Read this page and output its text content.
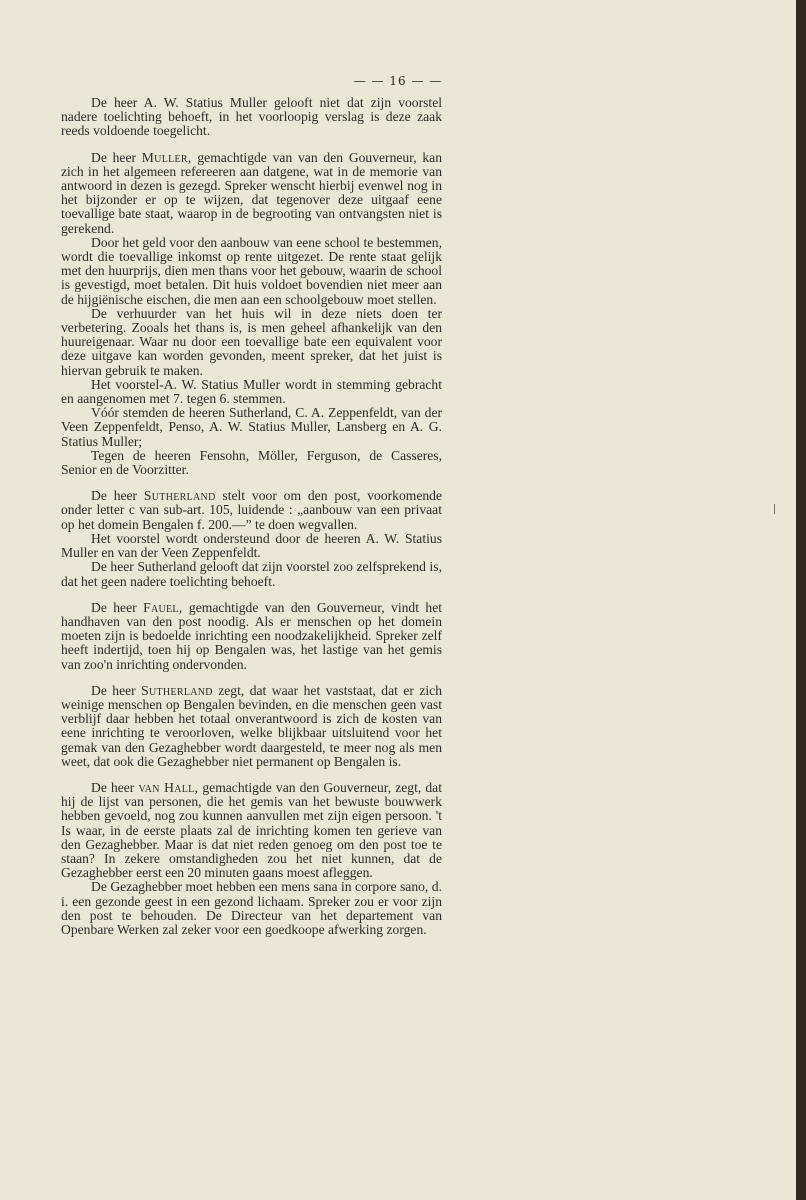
— — 16 — —

De heer A. W. Statius Muller gelooft niet dat zijn voorstel nadere toelichting behoeft, in het voorloopig verslag is deze zaak reeds voldoende toegelicht.

De heer Muller, gemachtigde van van den Gouverneur, kan zich in het algemeen refereeren aan datgene, wat in de memorie van antwoord in dezen is gezegd. Spreker wenscht hierbij evenwel nog in het bijzonder er op te wijzen, dat tegenover deze uitgaaf eene toevallige bate staat, waarop in de begrooting van ontvangsten niet is gerekend.

Door het geld voor den aanbouw van eene school te bestemmen, wordt die toevallige inkomst op rente uitgezet. De rente staat gelijk met den huurprijs, dien men thans voor het gebouw, waarin de school is gevestigd, moet betalen. Dit huis voldoet bovendien niet meer aan de hijgiënische eischen, die men aan een schoolgebouw moet stellen.

De verhuurder van het huis wil in deze niets doen ter verbetering. Zooals het thans is, is men geheel afhankelijk van den huureigenaar. Waar nu door een toevallige bate een equivalent voor deze uitgave kan worden gevonden, meent spreker, dat het juist is hiervan gebruik te maken.

Het voorstel-A. W. Statius Muller wordt in stemming gebracht en aangenomen met 7. tegen 6. stemmen.

Vóór stemden de heeren Sutherland, C. A. Zeppenfeldt, van der Veen Zeppenfeldt, Penso, A. W. Statius Muller, Lansberg en A. G. Statius Muller;

Tegen de heeren Fensohn, Möller, Ferguson, de Casseres, Senior en de Voorzitter.

De heer Sutherland stelt voor om den post, voorkomende onder letter c van sub-art. 105, luidende : „aanbouw van een privaat op het domein Bengalen f. 200.—” te doen wegvallen.

Het voorstel wordt ondersteund door de heeren A. W. Statius Muller en van der Veen Zeppenfeldt.

De heer Sutherland gelooft dat zijn voorstel zoo zelfsprekend is, dat het geen nadere toelichting behoeft.

De heer Fauel, gemachtigde van den Gouverneur, vindt het handhaven van den post noodig. Als er menschen op het domein moeten zijn is bedoelde inrichting een noodzakelijkheid. Spreker zelf heeft indertijd, toen hij op Bengalen was, het lastige van het gemis van zoo'n inrichting ondervonden.

De heer Sutherland zegt, dat waar het vaststaat, dat er zich weinige menschen op Bengalen bevinden, en die menschen geen vast verblijf daar hebben het totaal onverantwoord is zich de kosten van eene inrichting te veroorloven, welke blijkbaar uitsluitend voor het gemak van den Gezaghebber wordt daargesteld, te meer nog als men weet, dat ook die Gezaghebber niet permanent op Bengalen is.

De heer van Hall, gemachtigde van den Gouverneur, zegt, dat hij de lijst van personen, die het gemis van het bewuste bouwwerk hebben gevoeld, nog zou kunnen aanvullen met zijn eigen persoon. 't Is waar, in de eerste plaats zal de inrichting komen ten gerieve van den Gezaghebber. Maar is dat niet reden genoeg om den post toe te staan? In zekere omstandigheden zou het niet kunnen, dat de Gezaghebber eerst een 20 minuten gaans moest afleggen.

De Gezaghebber moet hebben een mens sana in corpore sano, d. i. een gezonde geest in een gezond lichaam. Spreker zou er voor zijn den post te behouden. De Directeur van het departement van Openbare Werken zal zeker voor een goedkoope afwerking zorgen.
